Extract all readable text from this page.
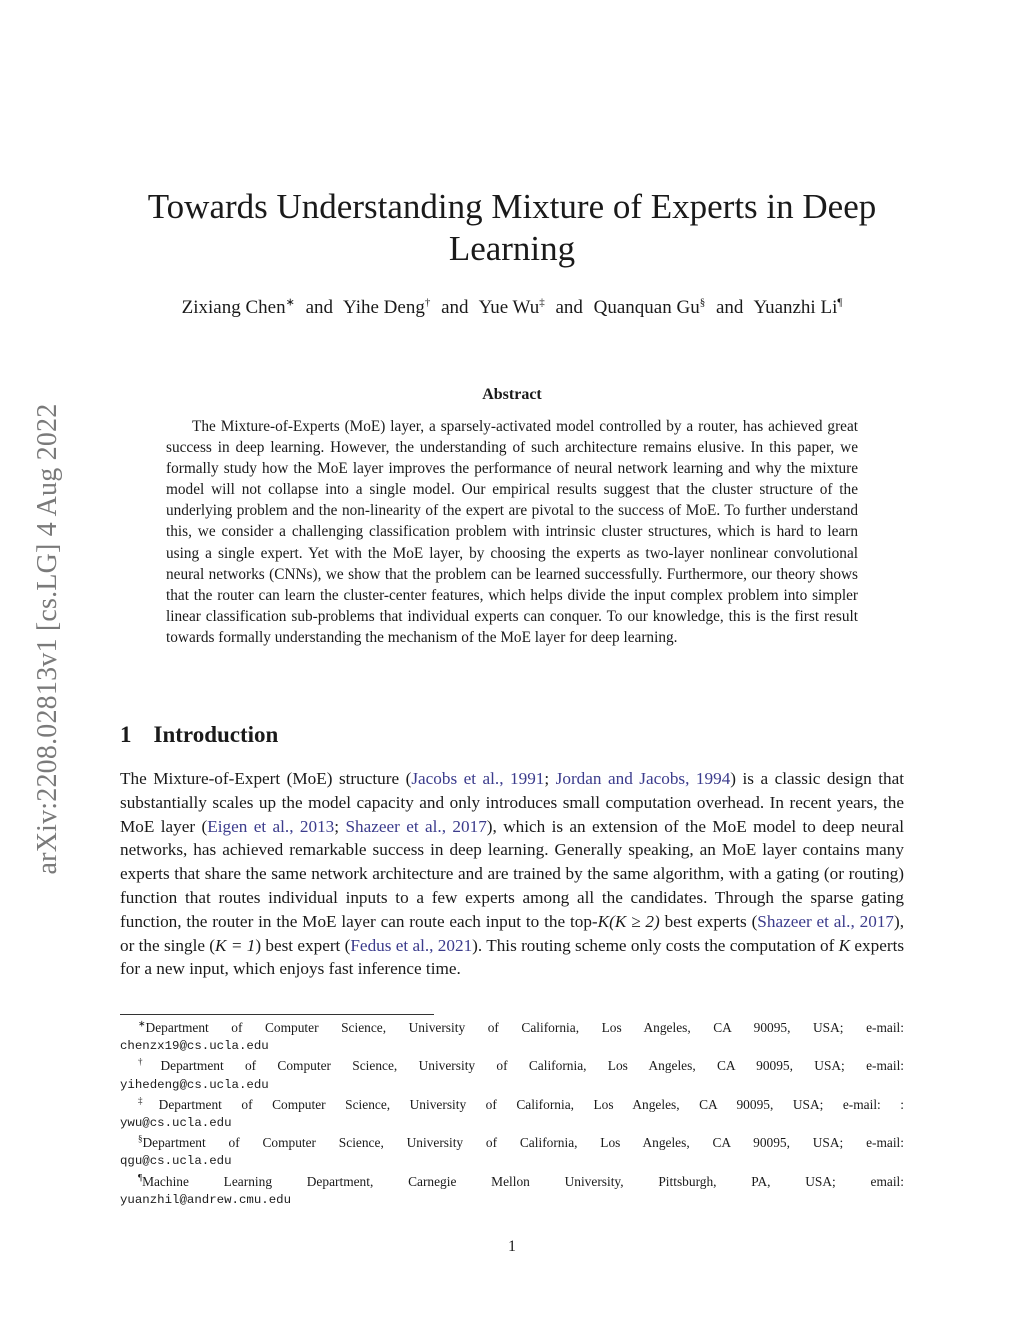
arXiv:2208.02813v1 [cs.LG] 4 Aug 2022
Towards Understanding Mixture of Experts in Deep Learning
Zixiang Chen∗ and Yihe Deng† and Yue Wu‡ and Quanquan Gu§ and Yuanzhi Li¶
Abstract
The Mixture-of-Experts (MoE) layer, a sparsely-activated model controlled by a router, has achieved great success in deep learning. However, the understanding of such architecture remains elusive. In this paper, we formally study how the MoE layer improves the performance of neural network learning and why the mixture model will not collapse into a single model. Our empirical results suggest that the cluster structure of the underlying problem and the non-linearity of the expert are pivotal to the success of MoE. To further understand this, we consider a challenging classification problem with intrinsic cluster structures, which is hard to learn using a single expert. Yet with the MoE layer, by choosing the experts as two-layer nonlinear convolutional neural networks (CNNs), we show that the problem can be learned successfully. Furthermore, our theory shows that the router can learn the cluster-center features, which helps divide the input complex problem into simpler linear classification sub-problems that individual experts can conquer. To our knowledge, this is the first result towards formally understanding the mechanism of the MoE layer for deep learning.
1 Introduction
The Mixture-of-Expert (MoE) structure (Jacobs et al., 1991; Jordan and Jacobs, 1994) is a classic design that substantially scales up the model capacity and only introduces small computation overhead. In recent years, the MoE layer (Eigen et al., 2013; Shazeer et al., 2017), which is an extension of the MoE model to deep neural networks, has achieved remarkable success in deep learning. Generally speaking, an MoE layer contains many experts that share the same network architecture and are trained by the same algorithm, with a gating (or routing) function that routes individual inputs to a few experts among all the candidates. Through the sparse gating function, the router in the MoE layer can route each input to the top-K(K ≥ 2) best experts (Shazeer et al., 2017), or the single (K = 1) best expert (Fedus et al., 2021). This routing scheme only costs the computation of K experts for a new input, which enjoys fast inference time.
∗Department of Computer Science, University of California, Los Angeles, CA 90095, USA; e-mail:
chenzx19@cs.ucla.edu
†Department of Computer Science, University of California, Los Angeles, CA 90095, USA; e-mail:
yihedeng@cs.ucla.edu
‡Department of Computer Science, University of California, Los Angeles, CA 90095, USA; e-mail: :
ywu@cs.ucla.edu
§Department of Computer Science, University of California, Los Angeles, CA 90095, USA; e-mail:
qgu@cs.ucla.edu
¶Machine Learning Department, Carnegie Mellon University, Pittsburgh, PA, USA; email:
yuanzhil@andrew.cmu.edu
1
